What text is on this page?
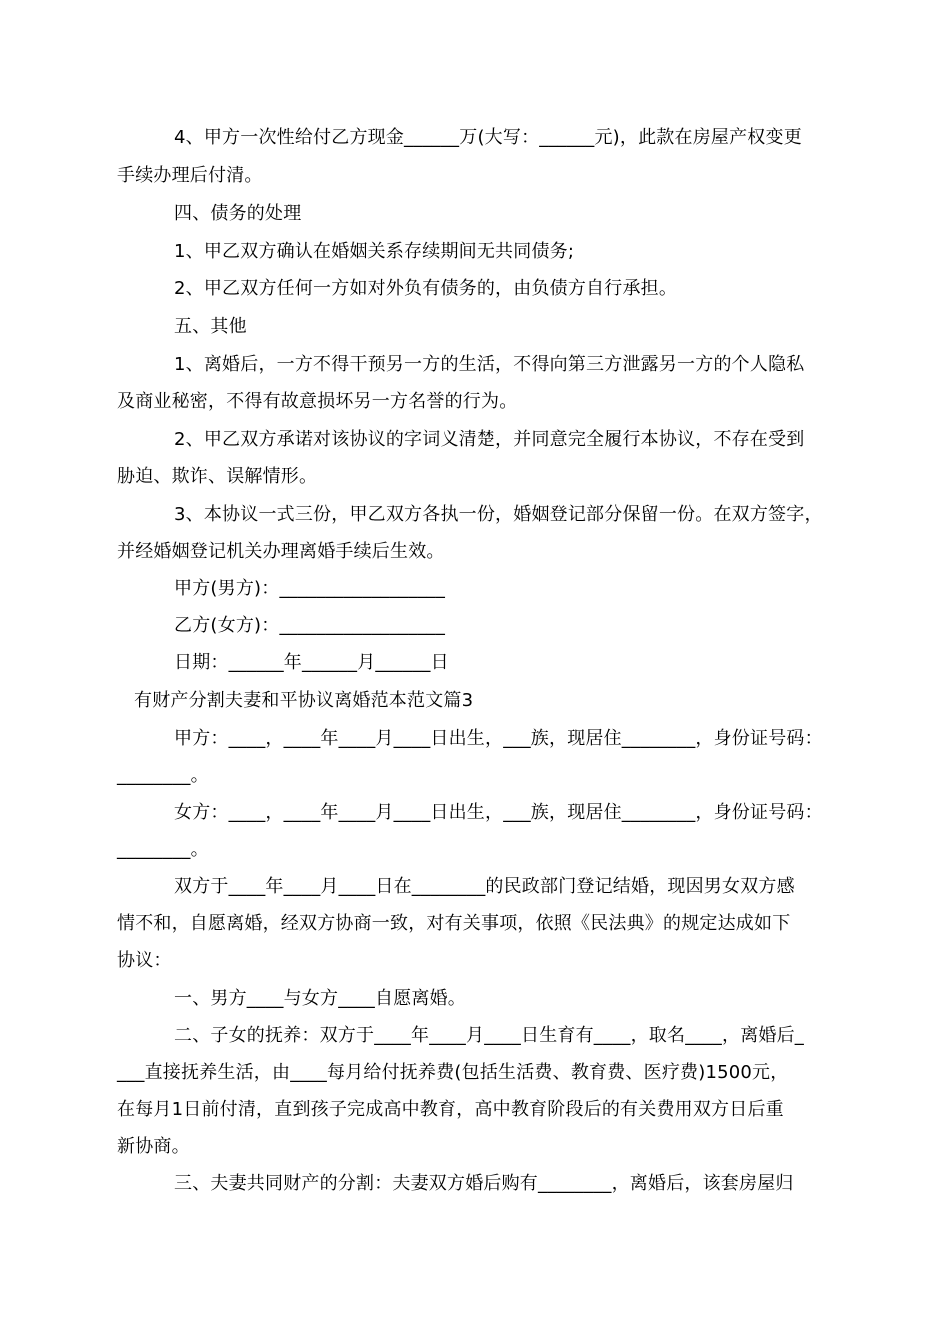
4、甲方一次性给付乙方现金______万(大写：______元)，此款在房屋产权变更
手续办理后付清。
四、债务的处理
1、甲乙双方确认在婚姻关系存续期间无共同债务;
2、甲乙双方任何一方如对外负有债务的，由负债方自行承担。
五、其他
1、离婚后，一方不得干预另一方的生活，不得向第三方泄露另一方的个人隐私
及商业秘密，不得有故意损坏另一方名誉的行为。
2、甲乙双方承诺对该协议的字词义清楚，并同意完全履行本协议，不存在受到
胁迫、欺诈、误解情形。
3、本协议一式三份，甲乙双方各执一份，婚姻登记部分保留一份。在双方签字，
并经婚姻登记机关办理离婚手续后生效。
甲方(男方)：__________________
乙方(女方)：__________________
日期：______年______月______日
有财产分割夫妻和平协议离婚范本范文篇3
甲方：____，____年____月____日出生，___族，现居住________，身份证号码：
________。
女方：____，____年____月____日出生，___族，现居住________，身份证号码：
________。
双方于____年____月____日在________的民政部门登记结婚，现因男女双方感
情不和，自愿离婚，经双方协商一致，对有关事项，依照《民法典》的规定达成如下
协议：
一、男方____与女方____自愿离婚。
二、子女的抚养：双方于____年____月____日生育有____，取名____，离婚后_
___直接抚养生活，由____每月给付抚养费(包括生活费、教育费、医疗费)1500元，
在每月1日前付清，直到孩子完成高中教育，高中教育阶段后的有关费用双方日后重
新协商。
三、夫妻共同财产的分割：夫妻双方婚后购有________，离婚后，该套房屋归
